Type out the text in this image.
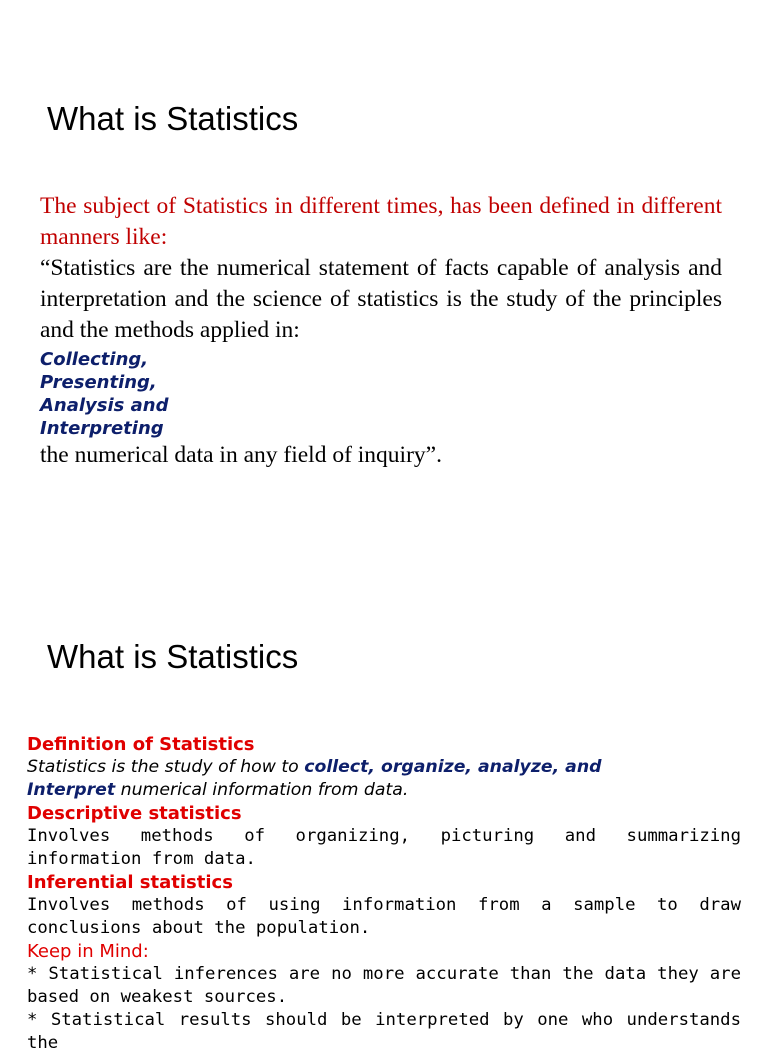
What is Statistics

The subject of Statistics in different times, has been defined in different manners like:

“Statistics are the numerical statement of facts capable of analysis and interpretation and the science of statistics is the study of the principles and the methods applied in:

Collecting,
Presenting,
Analysis and
Interpreting

the numerical data in any field of inquiry”.

What is Statistics

Definition of Statistics

Statistics is the study of how to collect, organize, analyze, and
Interpret numerical information from data.

Descriptive statistics

Involves methods of organizing, picturing and summarizing information from data.

Inferential statistics

Involves methods of using information from a sample to draw conclusions about the population.

Keep in Mind:

* Statistical inferences are no more accurate than the data they are based on weakest sources.

* Statistical results should be interpreted by one who understands the
